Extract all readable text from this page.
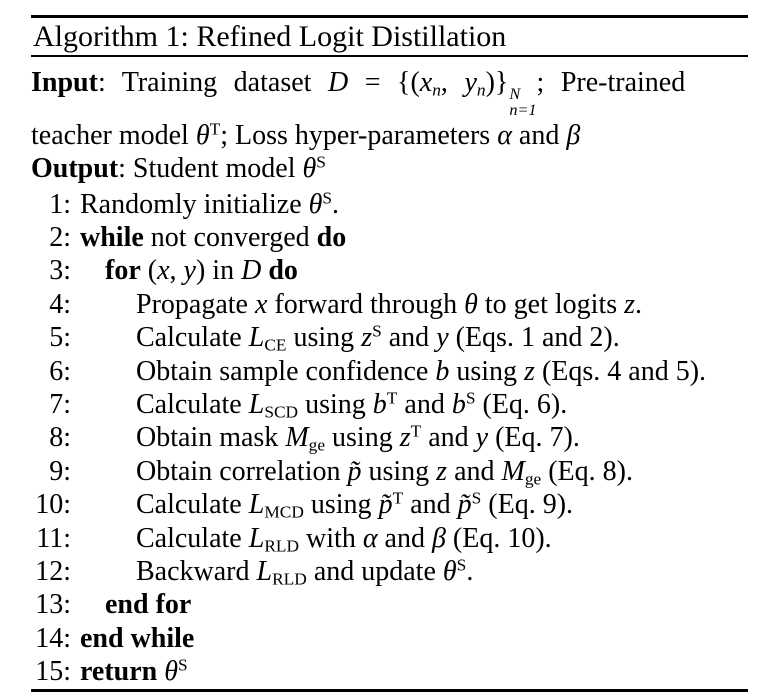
Algorithm 1: Refined Logit Distillation
Input: Training dataset D = {(xn, yn)} N
n=1
; Pre-trained
teacher model $\theta^T$; Loss hyper-parameters α and β
Output: Student model $\theta^S$
1: Randomly initialize $\theta^S$.
2: while not converged do
3:	for (x, y) in D do
4:	Propagate x forward through θ to get logits z.
5:	Calculate LCE using $z^S$ and y (Eqs. 1 and 2).
6:	Obtain sample confidence b using z (Eqs. 4 and 5).
7:	Calculate LSCD using $b^T$ and $b^S$ (Eq. 6).
8:	Obtain mask Mge using $z^T$ and y (Eq. 7).
9:	Obtain correlation p̃ using z and Mge (Eq. 8).
10:	Calculate LMCD using p̃$^T$ and p̃$^S$ (Eq. 9).
11:	Calculate LRLD with α and β (Eq. 10).
12:	Backward LRLD and update $\theta^S$.
13:	end for
14: end while
15: return $\theta^S$
